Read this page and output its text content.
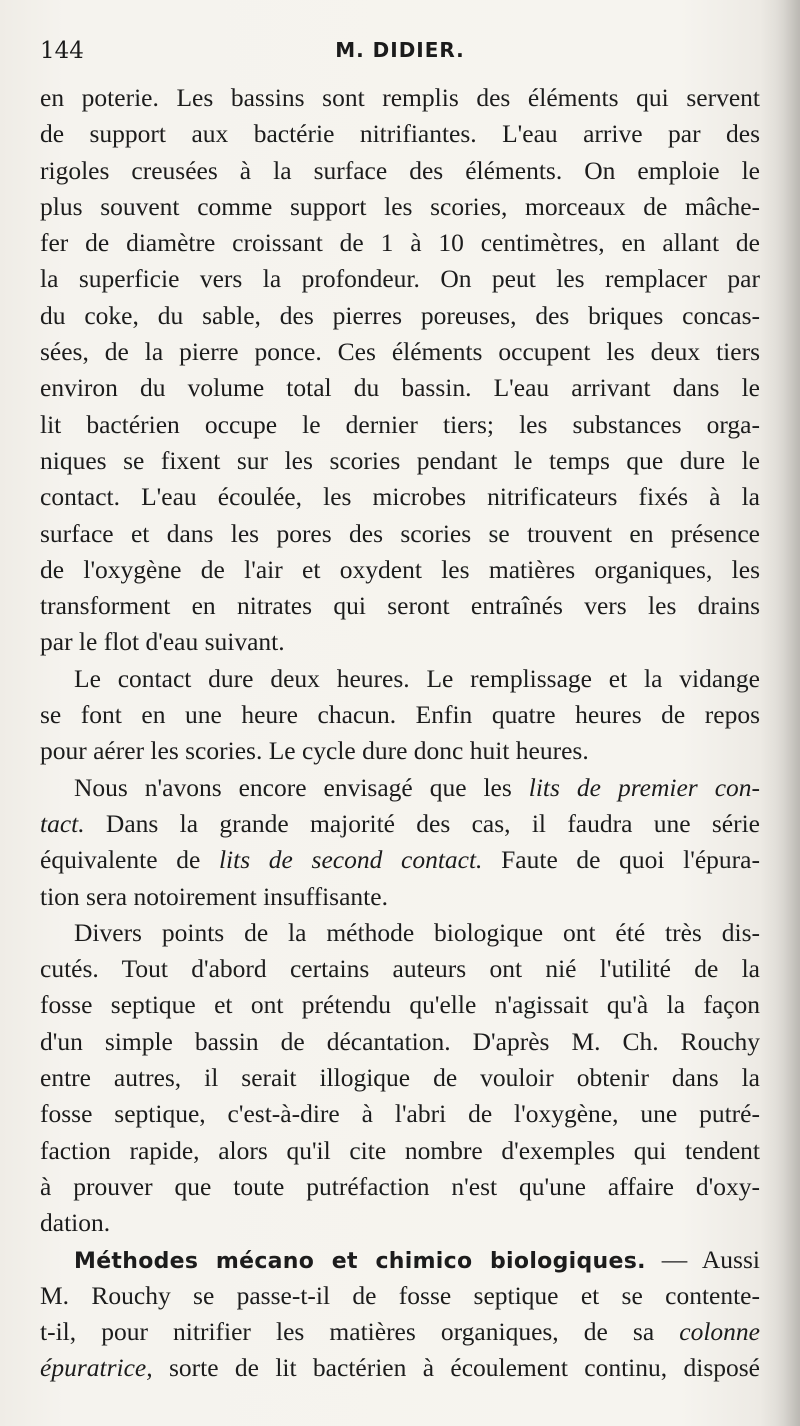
144	M. DIDIER.
en poterie. Les bassins sont remplis des éléments qui servent
de support aux bactérie nitrifiantes. L'eau arrive par des
rigoles creusées à la surface des éléments. On emploie le
plus souvent comme support les scories, morceaux de mâche-
fer de diamètre croissant de 1 à 10 centimètres, en allant de
la superficie vers la profondeur. On peut les remplacer par
du coke, du sable, des pierres poreuses, des briques concas-
sées, de la pierre ponce. Ces éléments occupent les deux tiers
environ du volume total du bassin. L'eau arrivant dans le
lit bactérien occupe le dernier tiers; les substances orga-
niques se fixent sur les scories pendant le temps que dure le
contact. L'eau écoulée, les microbes nitrificateurs fixés à la
surface et dans les pores des scories se trouvent en présence
de l'oxygène de l'air et oxydent les matières organiques, les
transforment en nitrates qui seront entraînés vers les drains
par le flot d'eau suivant.
Le contact dure deux heures. Le remplissage et la vidange
se font en une heure chacun. Enfin quatre heures de repos
pour aérer les scories. Le cycle dure donc huit heures.
Nous n'avons encore envisagé que les lits de premier con-
tact. Dans la grande majorité des cas, il faudra une série
équivalente de lits de second contact. Faute de quoi l'épura-
tion sera notoirement insuffisante.
Divers points de la méthode biologique ont été très dis-
cutés. Tout d'abord certains auteurs ont nié l'utilité de la
fosse septique et ont prétendu qu'elle n'agissait qu'à la façon
d'un simple bassin de décantation. D'après M. Ch. Rouchy
entre autres, il serait illogique de vouloir obtenir dans la
fosse septique, c'est-à-dire à l'abri de l'oxygène, une putré-
faction rapide, alors qu'il cite nombre d'exemples qui tendent
à prouver que toute putréfaction n'est qu'une affaire d'oxy-
dation.
Méthodes mécano et chimico biologiques. — Aussi
M. Rouchy se passe-t-il de fosse septique et se contente-
t-il, pour nitrifier les matières organiques, de sa colonne
épuratrice, sorte de lit bactérien à écoulement continu, disposé
